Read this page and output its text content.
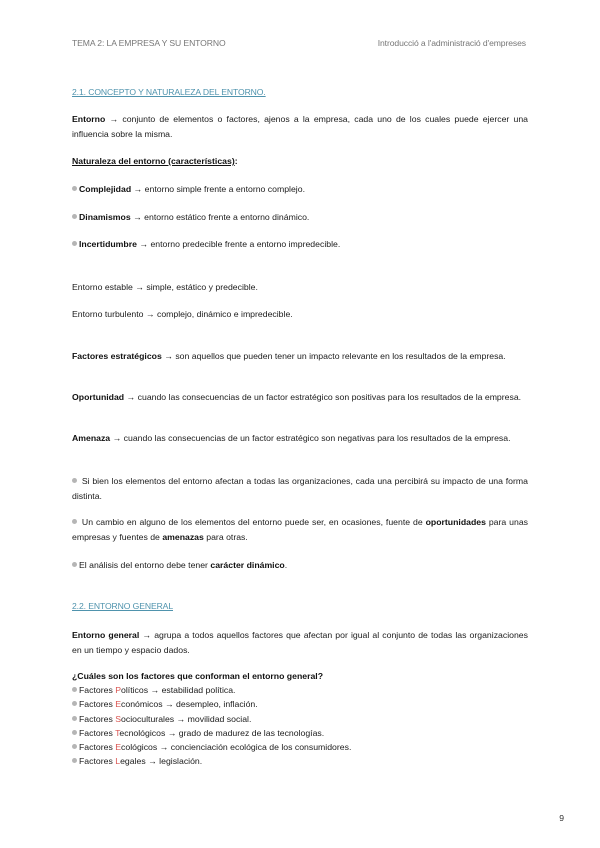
TEMA 2: LA EMPRESA Y SU ENTORNO	Introducció a l'administració d'empreses
2.1. CONCEPTO Y NATURALEZA DEL ENTORNO.
Entorno → conjunto de elementos o factores, ajenos a la empresa, cada uno de los cuales puede ejercer una influencia sobre la misma.
Naturaleza del entorno (características):
Complejidad → entorno simple frente a entorno complejo.
Dinamismos → entorno estático frente a entorno dinámico.
Incertidumbre → entorno predecible frente a entorno impredecible.
Entorno estable → simple, estático y predecible.
Entorno turbulento → complejo, dinámico e impredecible.
Factores estratégicos → son aquellos que pueden tener un impacto relevante en los resultados de la empresa.
Oportunidad → cuando las consecuencias de un factor estratégico son positivas para los resultados de la empresa.
Amenaza → cuando las consecuencias de un factor estratégico son negativas para los resultados de la empresa.
Si bien los elementos del entorno afectan a todas las organizaciones, cada una percibirá su impacto de una forma distinta.
Un cambio en alguno de los elementos del entorno puede ser, en ocasiones, fuente de oportunidades para unas empresas y fuentes de amenazas para otras.
El análisis del entorno debe tener carácter dinámico.
2.2. ENTORNO GENERAL
Entorno general → agrupa a todos aquellos factores que afectan por igual al conjunto de todas las organizaciones en un tiempo y espacio dados.
¿Cuáles son los factores que conforman el entorno general?
Factores Políticos → estabilidad política.
Factores Económicos → desempleo, inflación.
Factores Socioculturales → movilidad social.
Factores Tecnológicos → grado de madurez de las tecnologías.
Factores Ecológicos → concienciación ecológica de los consumidores.
Factores Legales → legislación.
9
